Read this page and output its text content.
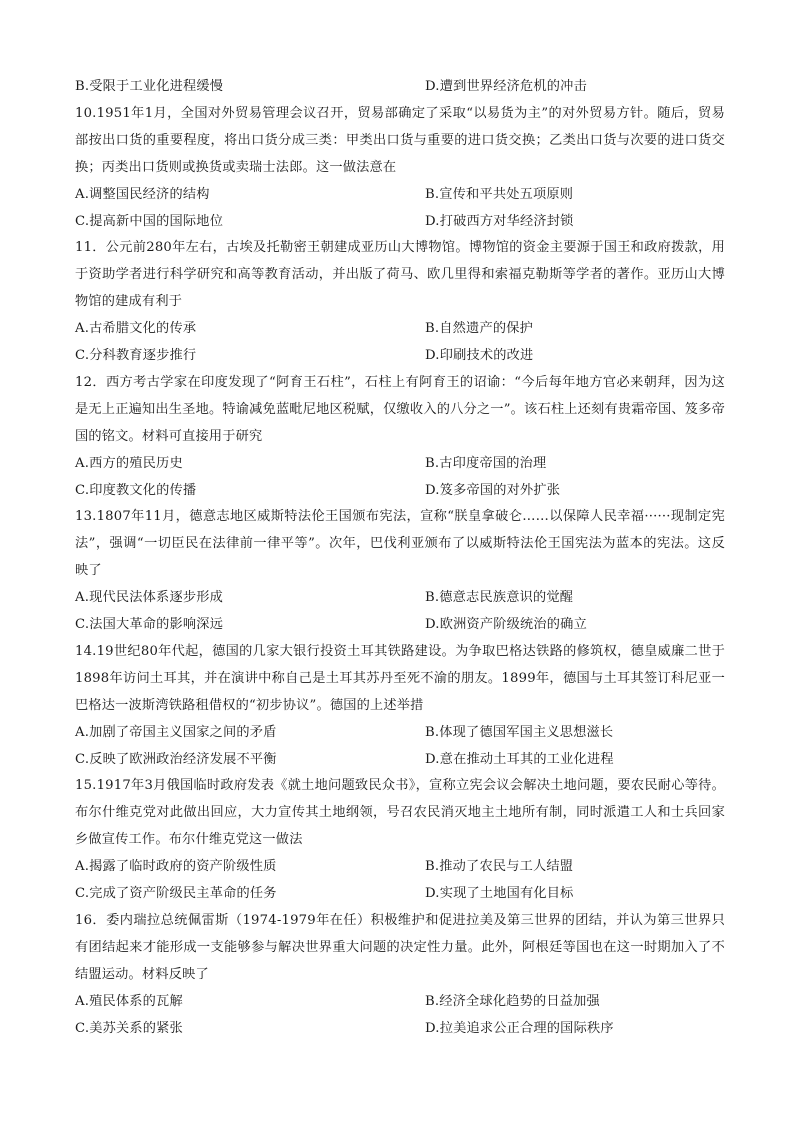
B.受限于工业化进程缓慢	D.遭到世界经济危机的冲击

10.1951年1月，全国对外贸易管理会议召开，贸易部确定了采取“以易货为主”的对外贸易方针。随后，贸易部按出口货的重要程度，将出口货分成三类：甲类出口货与重要的进口货交换；乙类出口货与次要的进口货交换；丙类出口货则或换货或卖瑞士法郎。这一做法意在

A.调整国民经济的结构	B.宣传和平共处五项原则
C.提高新中国的国际地位	D.打破西方对华经济封锁

11．公元前280年左右，古埃及托勒密王朝建成亚历山大博物馆。博物馆的资金主要源于国王和政府拨款，用于资助学者进行科学研究和高等教育活动，并出版了荷马、欧几里得和索福克勒斯等学者的著作。亚历山大博物馆的建成有利于

A.古希腊文化的传承	B.自然遗产的保护
C.分科教育逐步推行	D.印刷技术的改进

12．西方考古学家在印度发现了“阿育王石柱”，石柱上有阿育王的诏谕：“今后每年地方官必来朝拜，因为这是无上正遍知出生圣地。特谕减免蓝毗尼地区税赋，仅缴收入的八分之一”。该石柱上还刻有贵霜帝国、笈多帝国的铭文。材料可直接用于研究

A.西方的殖民历史	B.古印度帝国的治理
C.印度教文化的传播	D.笈多帝国的对外扩张

13.1807年11月，德意志地区威斯特法伦王国颁布宪法，宣称“朕皇拿破仑……以保障人民幸福······现制定宪法”，强调“一切臣民在法律前一律平等”。次年，巴伐利亚颁布了以威斯特法伦王国宪法为蓝本的宪法。这反映了

A.现代民法体系逐步形成	B.德意志民族意识的觉醒
C.法国大革命的影响深远	D.欧洲资产阶级统治的确立

14.19世纪80年代起，德国的几家大银行投资土耳其铁路建设。为争取巴格达铁路的修筑权，德皇威廉二世于1898年访问土耳其，并在演讲中称自己是土耳其苏丹至死不渝的朋友。1899年，德国与土耳其签订科尼亚一巴格达一波斯湾铁路租借权的“初步协议”。德国的上述举措

A.加剧了帝国主义国家之间的矛盾	B.体现了德国军国主义思想滋长
C.反映了欧洲政治经济发展不平衡	D.意在推动土耳其的工业化进程

15.1917年3月俄国临时政府发表《就土地问题致民众书》，宣称立宪会议会解决土地问题，要农民耐心等待。布尔什维克党对此做出回应，大力宣传其土地纲领，号召农民消灭地主土地所有制，同时派遣工人和士兵回家乡做宣传工作。布尔什维克党这一做法

A.揭露了临时政府的资产阶级性质	B.推动了农民与工人结盟
C.完成了资产阶级民主革命的任务	D.实现了土地国有化目标

16．委内瑞拉总统佩雷斯（1974-1979年在任）积极维护和促进拉美及第三世界的团结，并认为第三世界只有团结起来才能形成一支能够参与解决世界重大问题的决定性力量。此外，阿根廷等国也在这一时期加入了不结盟运动。材料反映了

A.殖民体系的瓦解	B.经济全球化趋势的日益加强
C.美苏关系的紧张	D.拉美追求公正合理的国际秩序
